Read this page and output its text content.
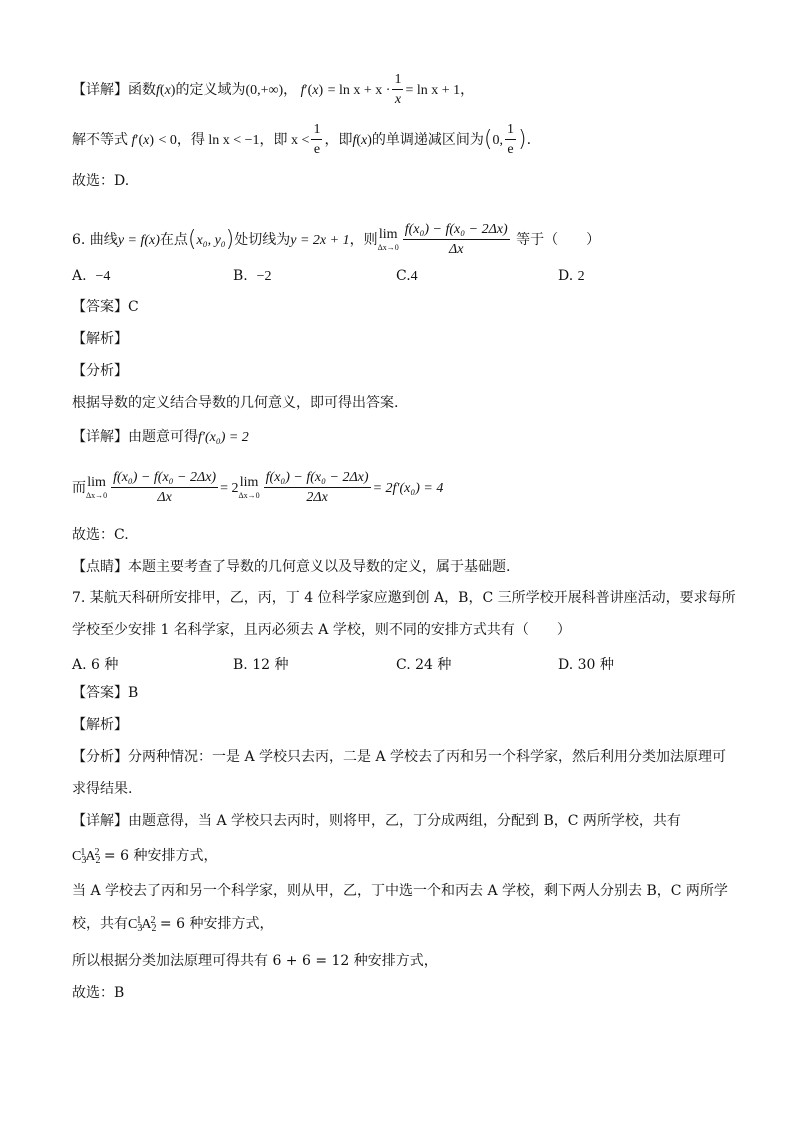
【详解】函数f(x)的定义域为(0,+∞)， $f'(x) = \ln x + x \cdot \frac{1}{x} = \ln x + 1$，
解不等式 f′(x) < 0，得 ln x < −1，即 $x < \frac{1}{e}$ ，即f(x)的单调递减区间为(0, $\frac{1}{e}$ ).
故选：D.
6. 曲线y = f(x)在点(x₀, y₀)处切线为y = 2x + 1，则 lim
$\Delta x\to 0 \frac{\text{f(x₀) − f(x₀ − 2Δx)}}{\Delta x}$ 等于（　　）
A. −4	B. −2	C.4	D. 2
【答案】C
【解析】
【分析】
根据导数的定义结合导数的几何意义，即可得出答案.
【详解】由题意可得f′(x₀) = 2
而 lim
$\Delta x\to 0 \frac{\text{f(x₀) − f(x₀ − 2Δx)}}{\Delta x} = 2$ lim
$\Delta x\to 0 \frac{\text{f(x₀) − f(x₀ − 2Δx)}}{2\Delta x} = 2f'(x_0) = 4$
故选：C.
【点睛】本题主要考查了导数的几何意义以及导数的定义，属于基础题.
7. 某航天科研所安排甲，乙，丙，丁 4 位科学家应邀到创 A，B，C 三所学校开展科普讲座活动，要求每所
学校至少安排 1 名科学家，且丙必须去 A 学校，则不同的安排方式共有（　　）
A. 6 种	B. 12 种	C. 24 种	D. 30 种
【答案】B
【解析】
【分析】分两种情况：一是 A 学校只去丙，二是 A 学校去了丙和另一个科学家，然后利用分类加法原理可
求得结果.
【详解】由题意得，当 A 学校只去丙时，则将甲，乙，丁分成两组，分配到 B，C 两所学校，共有
$C_3^1A_2^2 = 6$ 种安排方式，
当 A 学校去了丙和另一个科学家，则从甲，乙，丁中选一个和丙去 A 学校，剩下两人分别去 B，C 两所学
校，共有$C_3^1A_2^2 = 6$ 种安排方式，
所以根据分类加法原理可得共有 6 + 6 = 12 种安排方式，
故选：B
